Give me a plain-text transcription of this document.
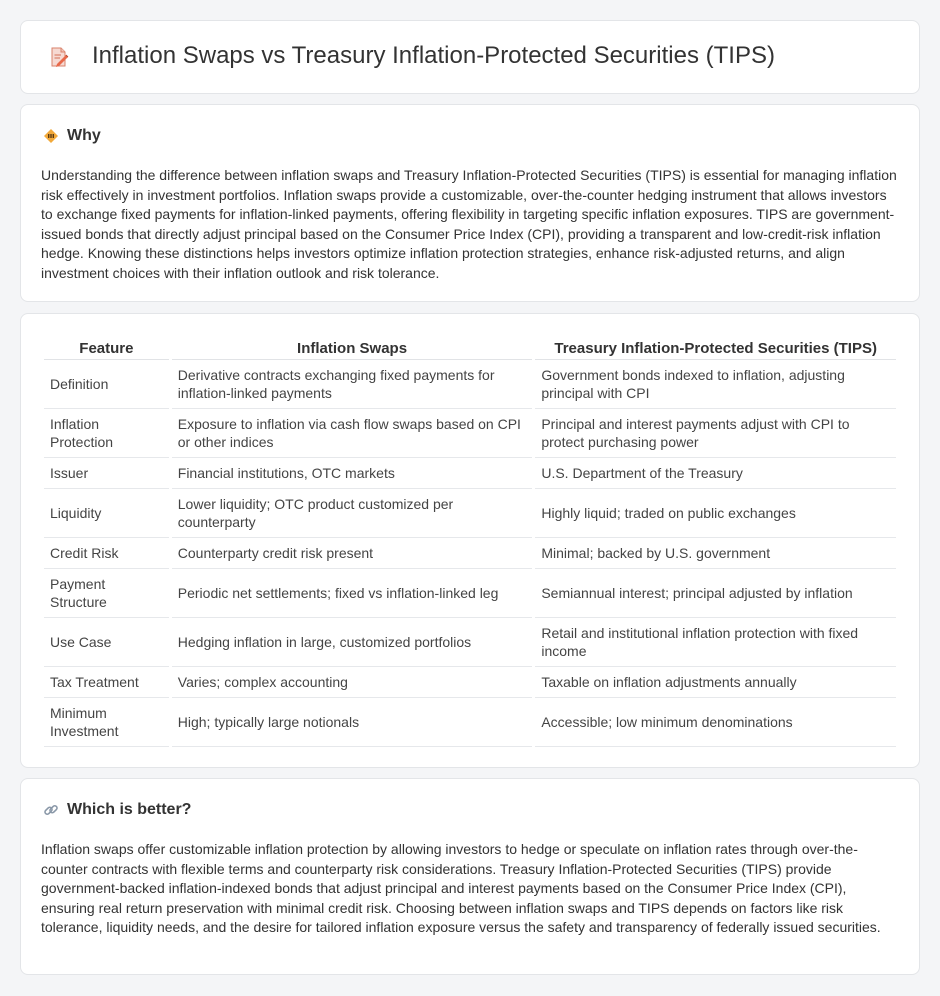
Inflation Swaps vs Treasury Inflation-Protected Securities (TIPS)
Why

Understanding the difference between inflation swaps and Treasury Inflation-Protected Securities (TIPS) is essential for managing inflation risk effectively in investment portfolios. Inflation swaps provide a customizable, over-the-counter hedging instrument that allows investors to exchange fixed payments for inflation-linked payments, offering flexibility in targeting specific inflation exposures. TIPS are government-issued bonds that directly adjust principal based on the Consumer Price Index (CPI), providing a transparent and low-credit-risk inflation hedge. Knowing these distinctions helps investors optimize inflation protection strategies, enhance risk-adjusted returns, and align investment choices with their inflation outlook and risk tolerance.

Feature	Inflation Swaps	Treasury Inflation-Protected Securities (TIPS)
Definition	Derivative contracts exchanging fixed payments for inflation-linked payments	Government bonds indexed to inflation, adjusting principal with CPI
Inflation Protection	Exposure to inflation via cash flow swaps based on CPI or other indices	Principal and interest payments adjust with CPI to protect purchasing power
Issuer	Financial institutions, OTC markets	U.S. Department of the Treasury
Liquidity	Lower liquidity; OTC product customized per counterparty	Highly liquid; traded on public exchanges
Credit Risk	Counterparty credit risk present	Minimal; backed by U.S. government
Payment Structure	Periodic net settlements; fixed vs inflation-linked leg	Semiannual interest; principal adjusted by inflation
Use Case	Hedging inflation in large, customized portfolios	Retail and institutional inflation protection with fixed income
Tax Treatment	Varies; complex accounting	Taxable on inflation adjustments annually
Minimum Investment	High; typically large notionals	Accessible; low minimum denominations
Which is better?

Inflation swaps offer customizable inflation protection by allowing investors to hedge or speculate on inflation rates through over-the-counter contracts with flexible terms and counterparty risk considerations. Treasury Inflation-Protected Securities (TIPS) provide government-backed inflation-indexed bonds that adjust principal and interest payments based on the Consumer Price Index (CPI), ensuring real return preservation with minimal credit risk. Choosing between inflation swaps and TIPS depends on factors like risk tolerance, liquidity needs, and the desire for tailored inflation exposure versus the safety and transparency of federally issued securities.
